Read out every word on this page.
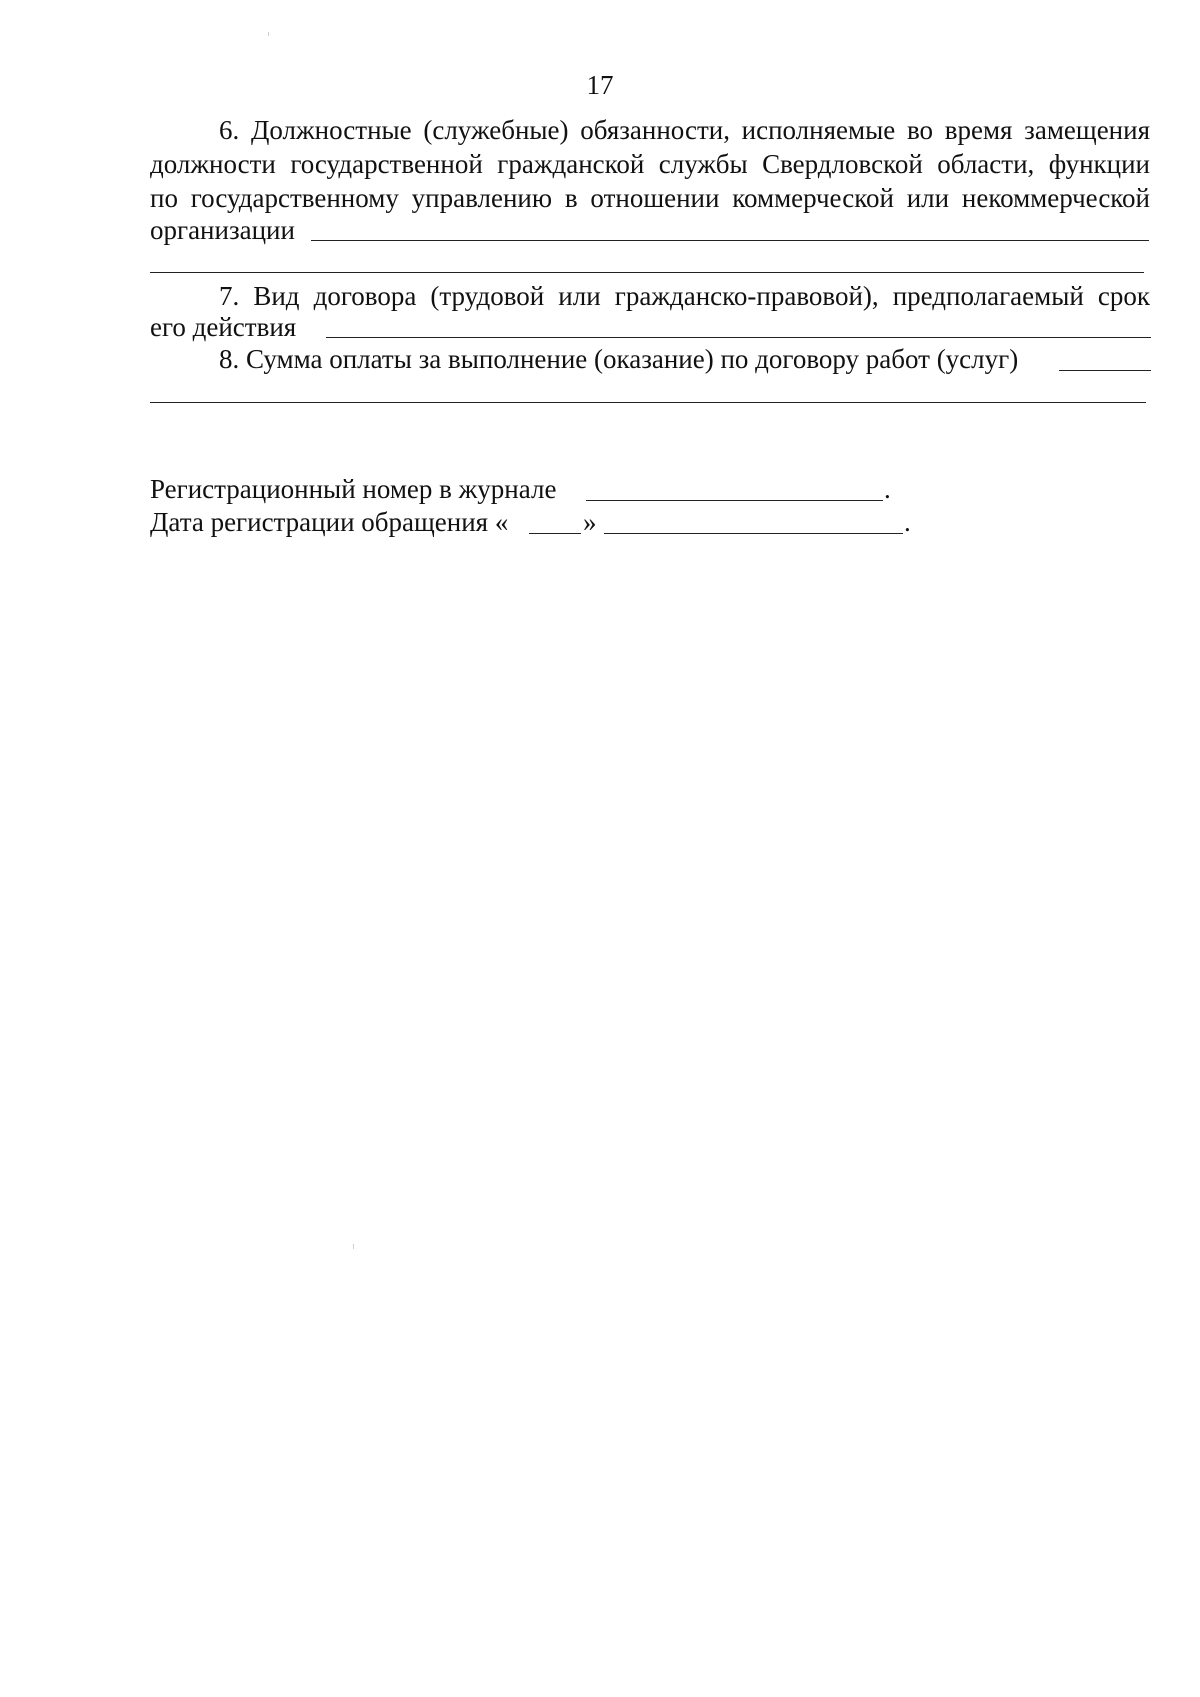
17
6. Должностные (служебные) обязанности, исполняемые во время замещения
должности государственной гражданской службы Свердловской области, функции
по государственному управлению в отношении коммерческой или некоммерческой
организации
7. Вид договора (трудовой или гражданско-правовой), предполагаемый срок
его действия
8. Сумма оплаты за выполнение (оказание) по договору работ (услуг)
Регистрационный номер в журнале	.
Дата регистрации обращения «	»	.
